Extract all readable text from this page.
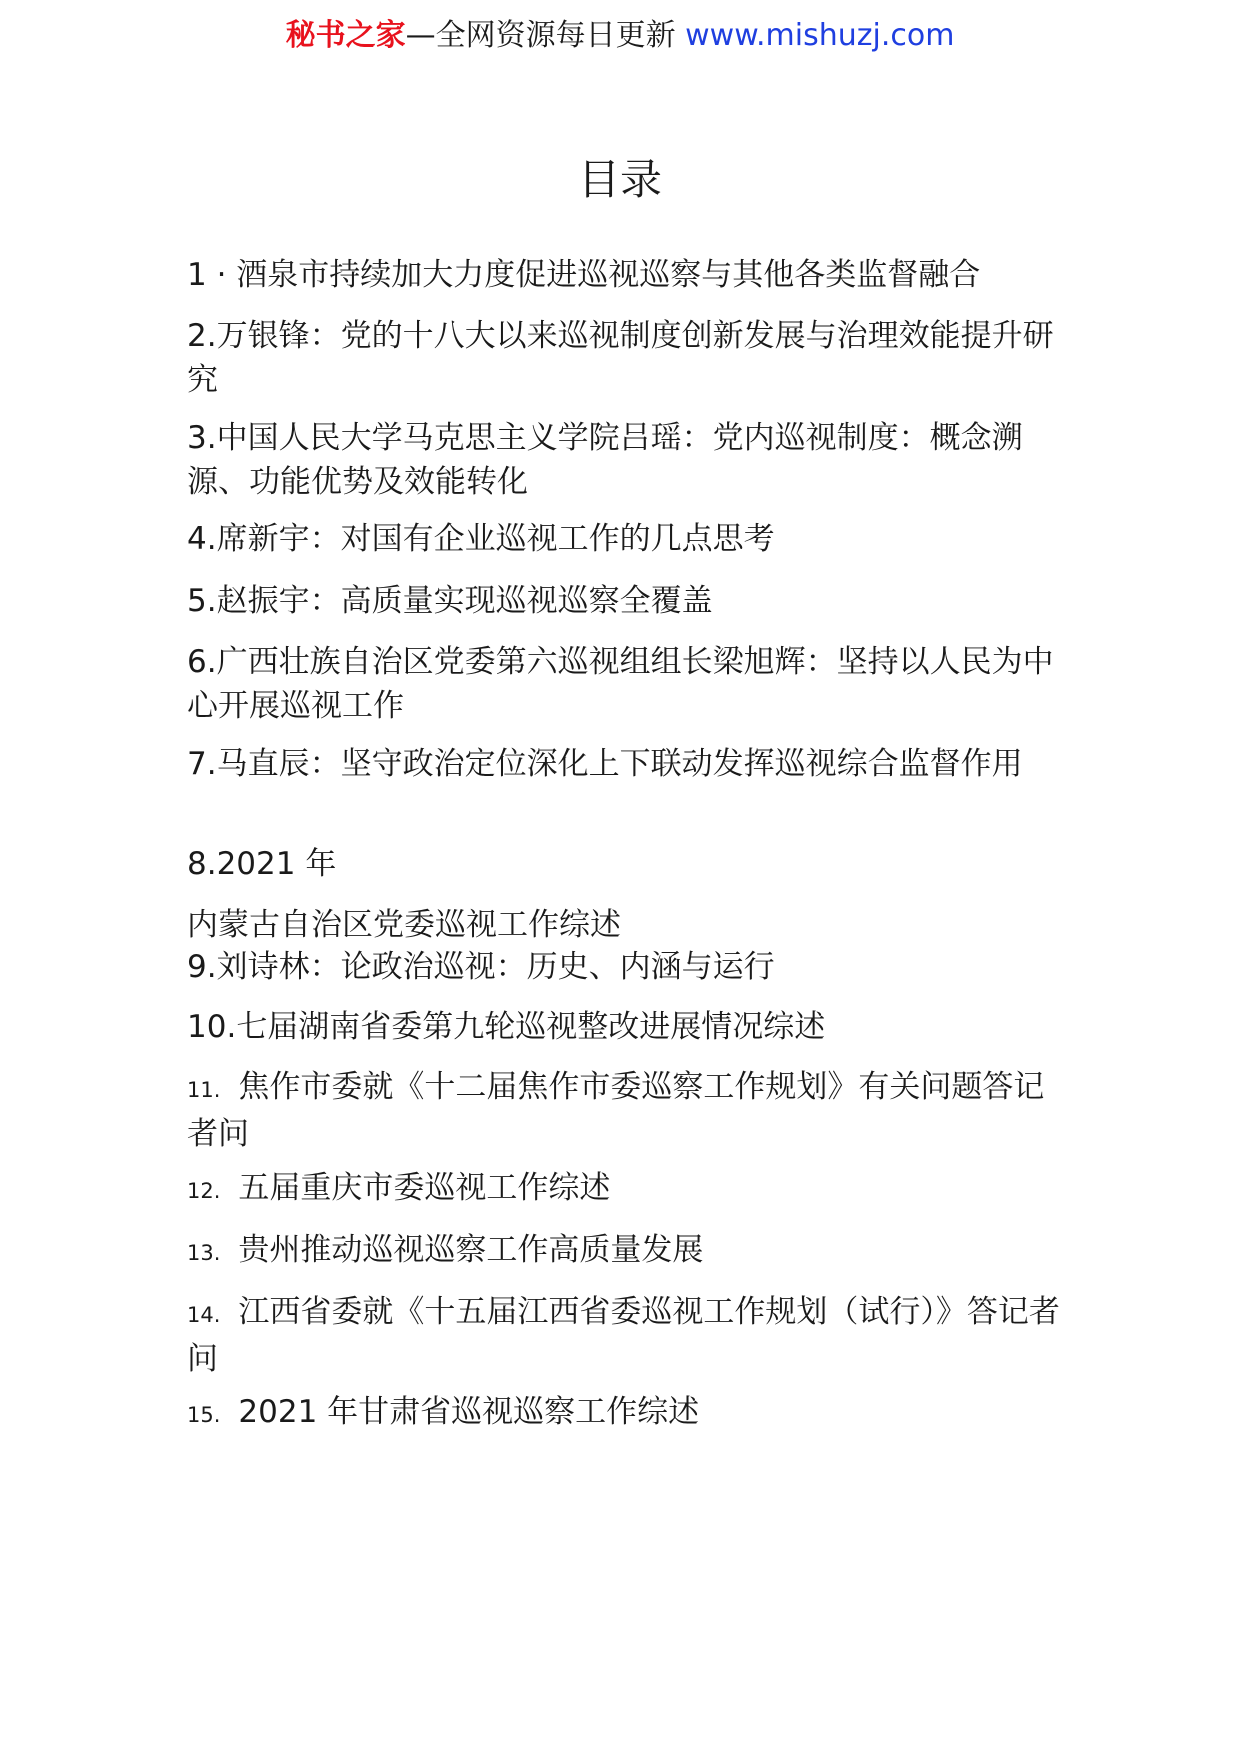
秘书之家—全网资源每日更新 www.mishuzj.com
目录
1 · 酒泉市持续加大力度促进巡视巡察与其他各类监督融合
2.万银锋：党的十八大以来巡视制度创新发展与治理效能提升研究
3.中国人民大学马克思主义学院吕瑶：党内巡视制度：概念溯源、功能优势及效能转化
4.席新宇：对国有企业巡视工作的几点思考
5.赵振宇：高质量实现巡视巡察全覆盖
6.广西壮族自治区党委第六巡视组组长梁旭辉：坚持以人民为中心开展巡视工作
7.马直辰：坚守政治定位深化上下联动发挥巡视综合监督作用
8.2021 年
内蒙古自治区党委巡视工作综述
9.刘诗林：论政治巡视：历史、内涵与运行
10.七届湖南省委第九轮巡视整改进展情况综述
11. 焦作市委就《十二届焦作市委巡察工作规划》有关问题答记者问
12. 五届重庆市委巡视工作综述
13. 贵州推动巡视巡察工作高质量发展
14. 江西省委就《十五届江西省委巡视工作规划（试行）》答记者问
15. 2021 年甘肃省巡视巡察工作综述
